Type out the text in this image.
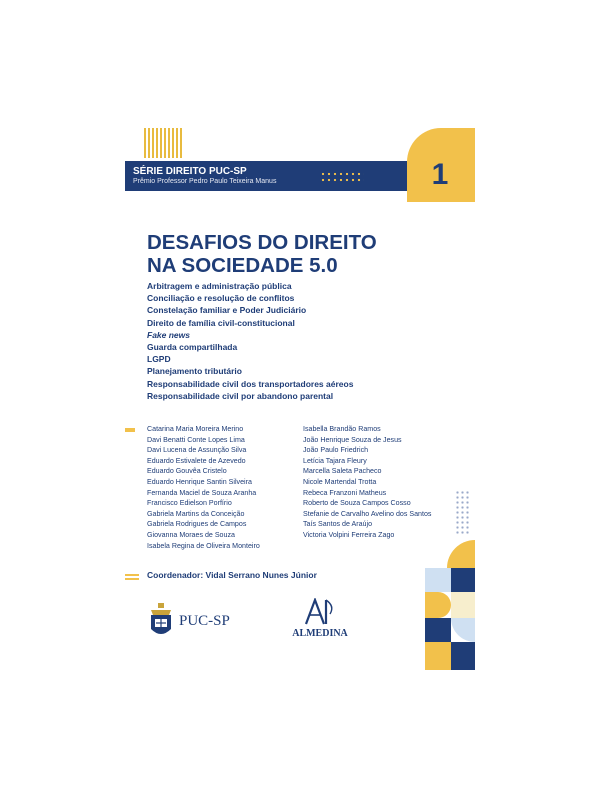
1
SÉRIE DIREITO PUC-SP
Prêmio Professor Pedro Paulo Teixeira Manus
DESAFIOS DO DIREITO
NA SOCIEDADE 5.0
Arbitragem e administração pública
Conciliação e resolução de conflitos
Constelação familiar e Poder Judiciário
Direito de família civil-constitucional
Fake news
Guarda compartilhada
LGPD
Planejamento tributário
Responsabilidade civil dos transportadores aéreos
Responsabilidade civil por abandono parental
Catarina Maria Moreira Merino
Davi Benatti Conte Lopes Lima
Davi Lucena de Assunção Silva
Eduardo Estivalete de Azevedo
Eduardo Gouvêa Cristelo
Eduardo Henrique Santin Silveira
Fernanda Maciel de Souza Aranha
Francisco Edielson Porfírio
Gabriela Martins da Conceição
Gabriela Rodrigues de Campos
Giovanna Moraes de Souza
Isabela Regina de Oliveira Monteiro
Isabella Brandão Ramos
João Henrique Souza de Jesus
João Paulo Friedrich
Letícia Tajara Fleury
Marcella Saleta Pacheco
Nicole Martendal Trotta
Rebeca Franzoni Matheus
Roberto de Souza Campos Cosso
Stefanie de Carvalho Avelino dos Santos
Taís Santos de Araújo
Victoria Volpini Ferreira Zago
Coordenador: Vidal Serrano Nunes Júnior
PUC-SP
ALMEDINA
